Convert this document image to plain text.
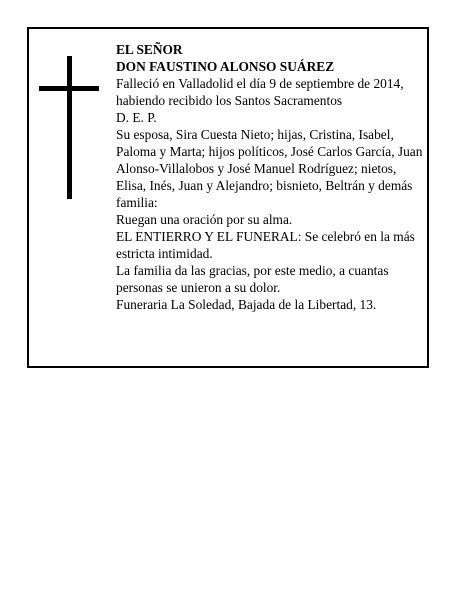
EL SEÑOR

DON FAUSTINO ALONSO SUÁREZ

Falleció en Valladolid el día 9 de septiembre de 2014, habiendo recibido los Santos Sacramentos

D. E. P.

Su esposa, Sira Cuesta Nieto; hijas, Cristina, Isabel, Paloma y Marta; hijos políticos, José Carlos García, Juan Alonso-Villalobos y José Manuel Rodríguez; nietos, Elisa, Inés, Juan y Alejandro; bisnieto, Beltrán y demás familia:

Ruegan una oración por su alma.

EL ENTIERRO Y EL FUNERAL: Se celebró en la más estricta intimidad.

La familia da las gracias, por este medio, a cuantas personas se unieron a su dolor.

Funeraria La Soledad, Bajada de la Libertad, 13.
